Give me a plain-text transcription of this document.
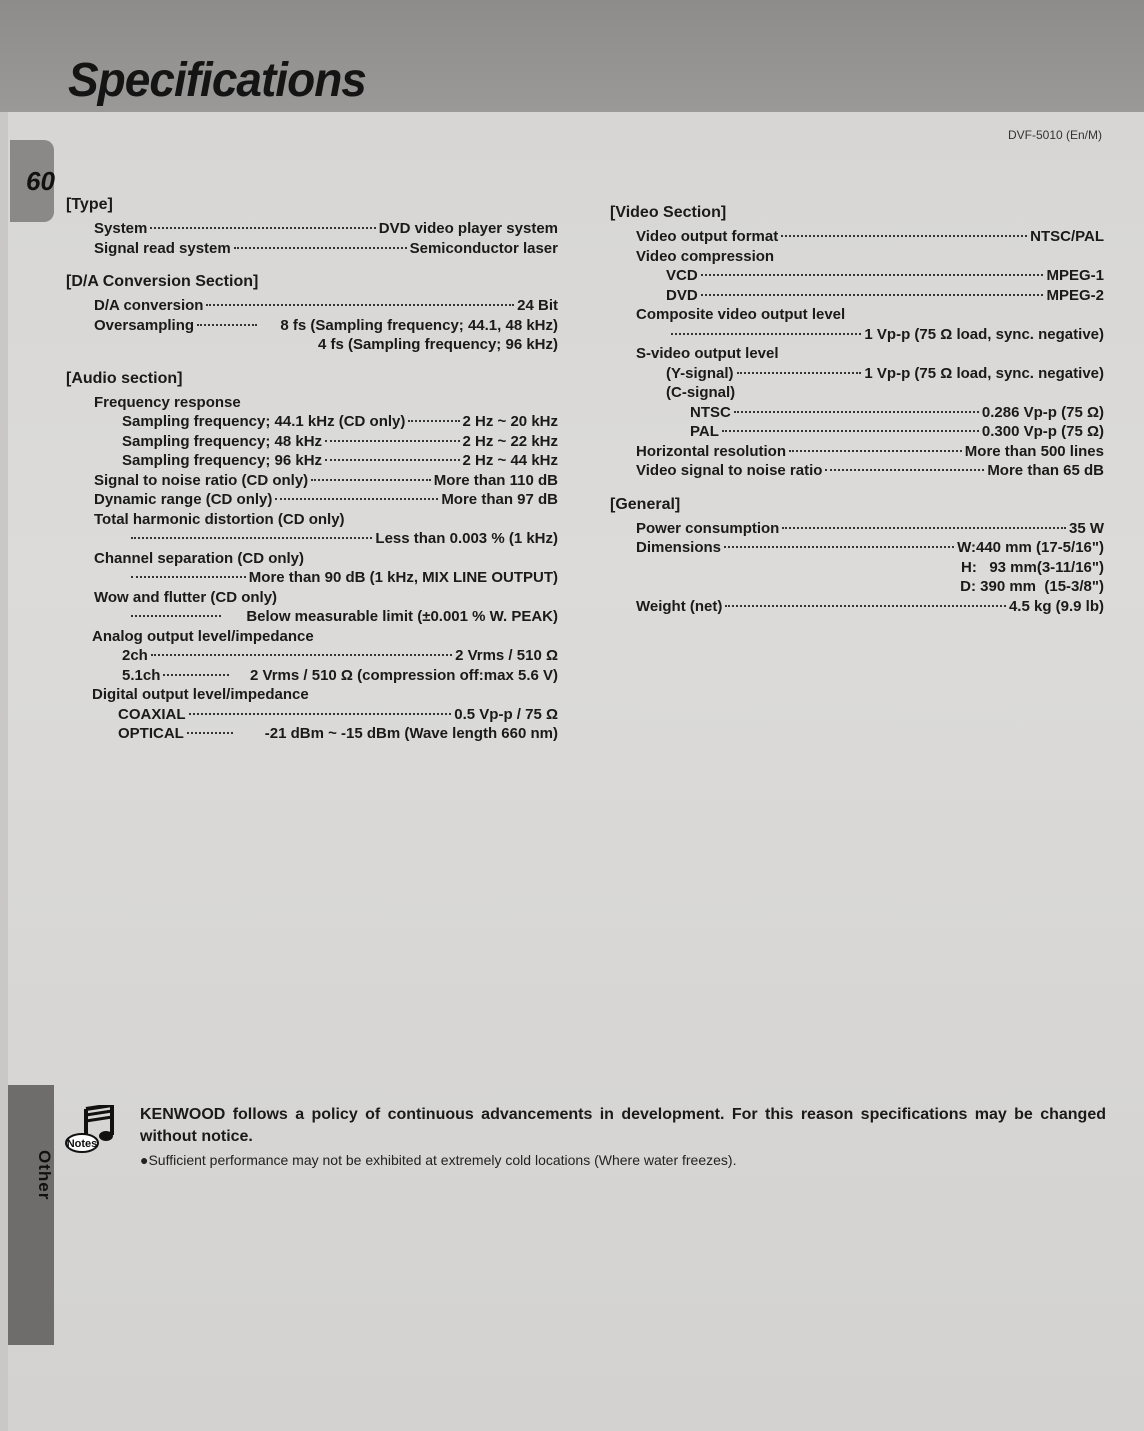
Specifications
60
DVF-5010 (En/M)
Other
[Type]
System	DVD video player system
Signal read system	Semiconductor laser
[D/A Conversion Section]
D/A conversion	24 Bit
Oversampling	8 fs (Sampling frequency; 44.1, 48 kHz)
4 fs (Sampling frequency; 96 kHz)
[Audio section]
Frequency response
Sampling frequency; 44.1 kHz (CD only)	2 Hz ~ 20 kHz
Sampling frequency; 48 kHz	2 Hz ~ 22 kHz
Sampling frequency; 96 kHz	2 Hz ~ 44 kHz
Signal to noise ratio (CD only)	More than 110 dB
Dynamic range (CD only)	More than 97 dB
Total harmonic distortion (CD only)
Less than 0.003 % (1 kHz)
Channel separation (CD only)
More than 90 dB (1 kHz, MIX LINE OUTPUT)
Wow and flutter (CD only)
Below measurable limit (±0.001 % W. PEAK)
Analog output level/impedance
2ch	2 Vrms / 510 Ω
5.1ch	2 Vrms / 510 Ω (compression off:max 5.6 V)
Digital output level/impedance
COAXIAL	0.5 Vp-p / 75 Ω
OPTICAL	-21 dBm ~ -15 dBm (Wave length 660 nm)
[Video Section]
Video output format	NTSC/PAL
Video compression
VCD	MPEG-1
DVD	MPEG-2
Composite video output level
1 Vp-p (75 Ω load, sync. negative)
S-video output level
(Y-signal)	1 Vp-p (75 Ω load, sync. negative)
(C-signal)
NTSC	0.286 Vp-p (75 Ω)
PAL	0.300 Vp-p (75 Ω)
Horizontal resolution	More than 500 lines
Video signal to noise ratio	More than 65 dB
[General]
Power consumption	35 W
Dimensions	W:440 mm (17-5/16")
H:   93 mm(3-11/16")
D: 390 mm  (15-3/8")
Weight (net)	4.5 kg (9.9 lb)
Notes
KENWOOD follows a policy of continuous advancements in development. For this reason specifications may be changed without notice.
●Sufficient performance may not be exhibited at extremely cold locations (Where water freezes).
